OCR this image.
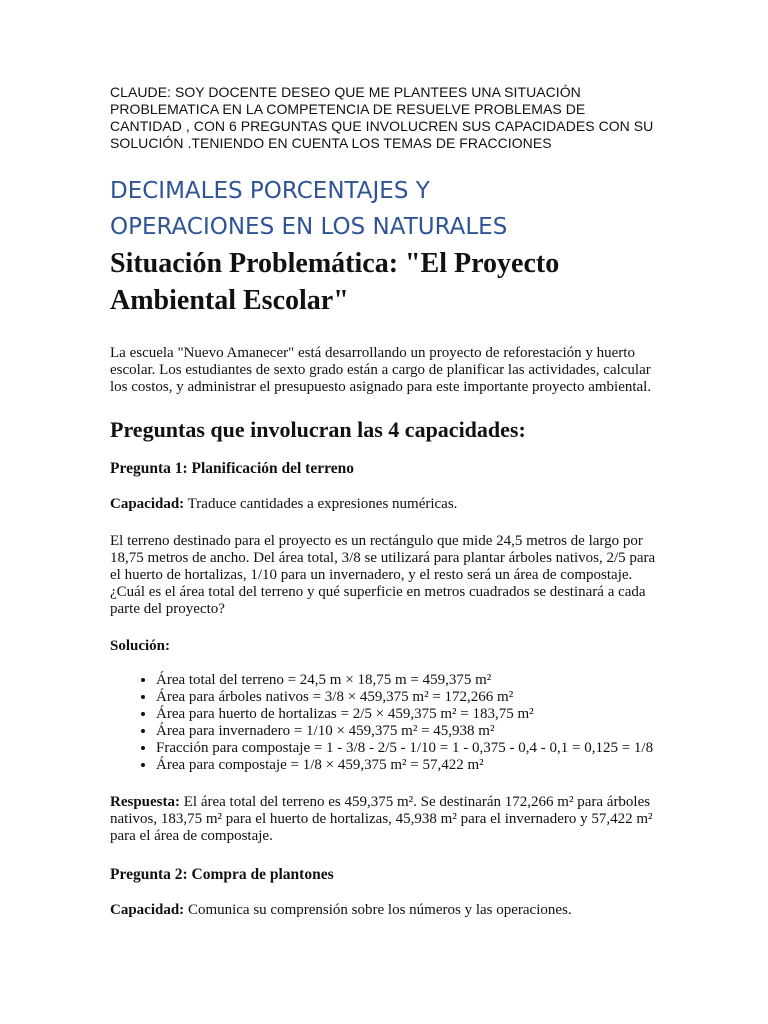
CLAUDE: SOY DOCENTE DESEO QUE ME PLANTEES UNA SITUACIÓN PROBLEMATICA EN LA COMPETENCIA DE RESUELVE PROBLEMAS DE CANTIDAD , CON 6 PREGUNTAS QUE INVOLUCREN SUS CAPACIDADES CON SU SOLUCIÓN .TENIENDO EN CUENTA LOS TEMAS DE FRACCIONES

DECIMALES PORCENTAJES Y
OPERACIONES EN LOS NATURALES
Situación Problemática: "El Proyecto Ambiental Escolar"

La escuela "Nuevo Amanecer" está desarrollando un proyecto de reforestación y huerto escolar. Los estudiantes de sexto grado están a cargo de planificar las actividades, calcular los costos, y administrar el presupuesto asignado para este importante proyecto ambiental.

Preguntas que involucran las 4 capacidades:
Pregunta 1: Planificación del terreno

Capacidad: Traduce cantidades a expresiones numéricas.

El terreno destinado para el proyecto es un rectángulo que mide 24,5 metros de largo por 18,75 metros de ancho. Del área total, 3/8 se utilizará para plantar árboles nativos, 2/5 para el huerto de hortalizas, 1/10 para un invernadero, y el resto será un área de compostaje. ¿Cuál es el área total del terreno y qué superficie en metros cuadrados se destinará a cada parte del proyecto?

Solución:

• Área total del terreno = 24,5 m × 18,75 m = 459,375 m²
• Área para árboles nativos = 3/8 × 459,375 m² = 172,266 m²
• Área para huerto de hortalizas = 2/5 × 459,375 m² = 183,75 m²
• Área para invernadero = 1/10 × 459,375 m² = 45,938 m²
• Fracción para compostaje = 1 - 3/8 - 2/5 - 1/10 = 1 - 0,375 - 0,4 - 0,1 = 0,125 = 1/8
• Área para compostaje = 1/8 × 459,375 m² = 57,422 m²

Respuesta: El área total del terreno es 459,375 m². Se destinarán 172,266 m² para árboles nativos, 183,75 m² para el huerto de hortalizas, 45,938 m² para el invernadero y 57,422 m² para el área de compostaje.

Pregunta 2: Compra de plantones

Capacidad: Comunica su comprensión sobre los números y las operaciones.
